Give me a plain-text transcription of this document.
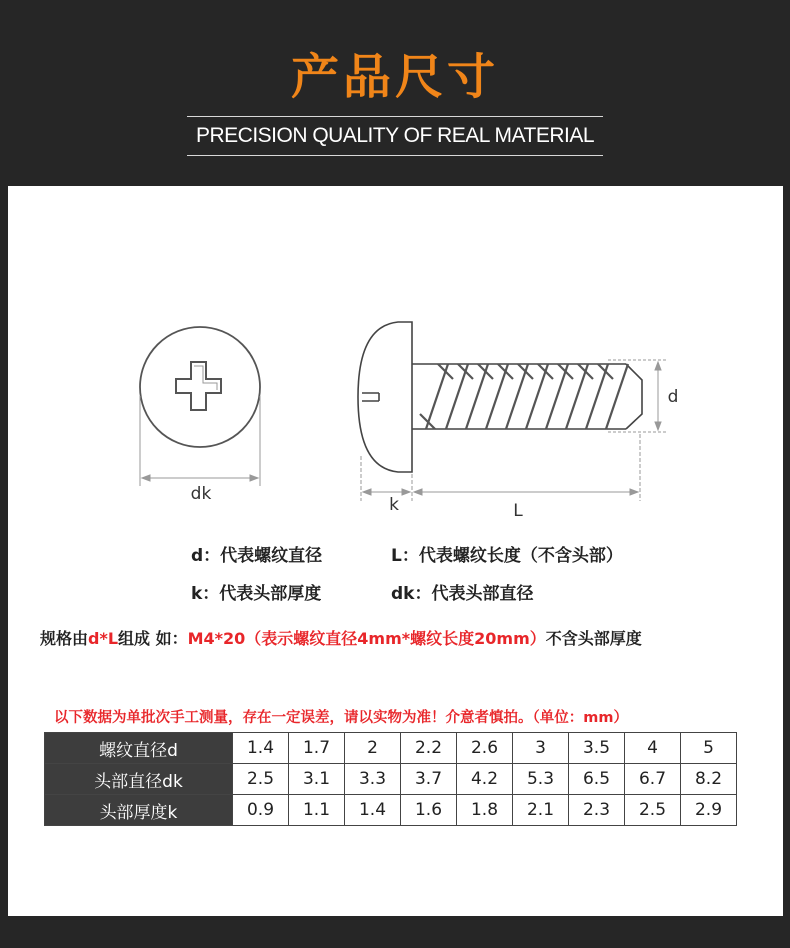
产品尺寸
PRECISION QUALITY OF REAL MATERIAL
dk
d
k	L
d：代表螺纹直径	L：代表螺纹长度（不含头部）
k：代表头部厚度	dk：代表头部直径
规格由d*L组成 如：M4*20（表示螺纹直径4mm*螺纹长度20mm）不含头部厚度
以下数据为单批次手工测量，存在一定误差，请以实物为准！介意者慎拍。（单位：mm）
螺纹直径d	1.4	1.7	2	2.2	2.6	3	3.5	4	5
头部直径dk	2.5	3.1	3.3	3.7	4.2	5.3	6.5	6.7	8.2
头部厚度k	0.9	1.1	1.4	1.6	1.8	2.1	2.3	2.5	2.9
